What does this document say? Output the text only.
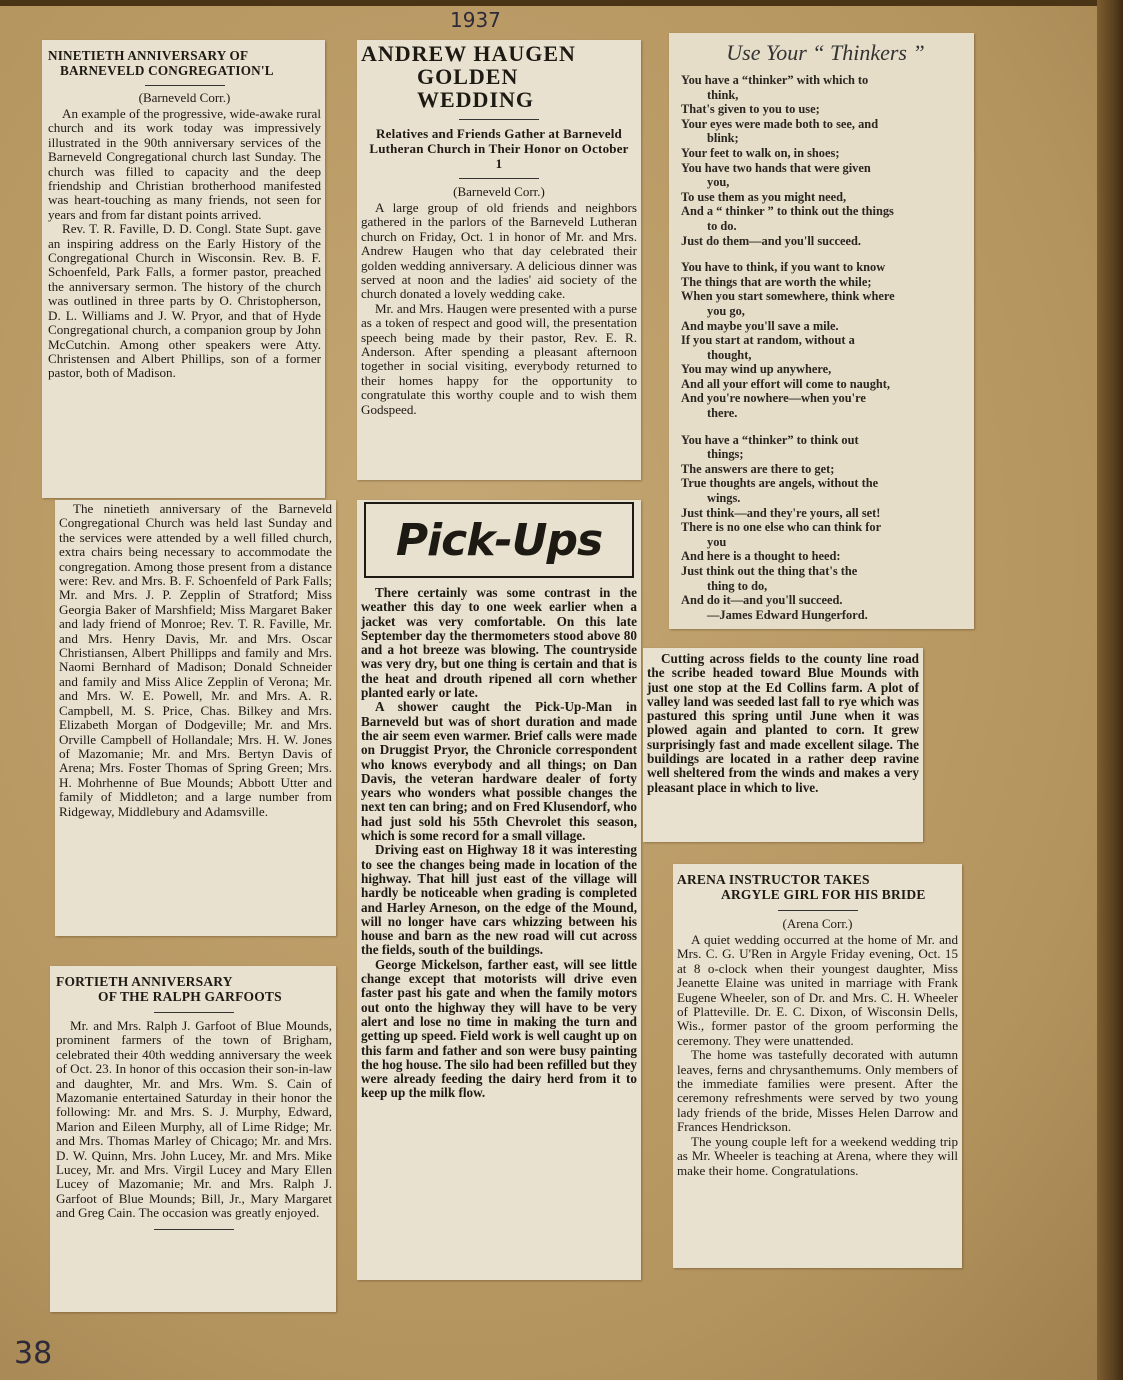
1937
38
NINETIETH ANNIVERSARY OF
BARNEVELD CONGREGATION'L
(Barneveld Corr.)

An example of the progressive, wide-awake rural church and its work today was impressively illustrated in the 90th anniversary services of the Barneveld Congregational church last Sunday. The church was filled to capacity and the deep friendship and Christian brotherhood manifested was heart-touching as many friends, not seen for years and from far distant points arrived.

Rev. T. R. Faville, D. D. Congl. State Supt. gave an inspiring address on the Early History of the Congregational Church in Wisconsin. Rev. B. F. Schoenfeld, Park Falls, a former pastor, preached the anniversary sermon. The history of the church was outlined in three parts by O. Christopherson, D. L. Williams and J. W. Pryor, and that of Hyde Congregational church, a companion group by John McCutchin. Among other speakers were Atty. Christensen and Albert Phillips, son of a former pastor, both of Madison.

The ninetieth anniversary of the Barneveld Congregational Church was held last Sunday and the services were attended by a well filled church, extra chairs being necessary to accommodate the congregation. Among those present from a distance were: Rev. and Mrs. B. F. Schoenfeld of Park Falls; Mr. and Mrs. J. P. Zepplin of Stratford; Miss Georgia Baker of Marshfield; Miss Margaret Baker and lady friend of Monroe; Rev. T. R. Faville, Mr. and Mrs. Henry Davis, Mr. and Mrs. Oscar Christiansen, Albert Phillipps and family and Mrs. Naomi Bernhard of Madison; Donald Schneider and family and Miss Alice Zepplin of Verona; Mr. and Mrs. W. E. Powell, Mr. and Mrs. A. R. Campbell, M. S. Price, Chas. Bilkey and Mrs. Elizabeth Morgan of Dodgeville; Mr. and Mrs. Orville Campbell of Hollandale; Mrs. H. W. Jones of Mazomanie; Mr. and Mrs. Bertyn Davis of Arena; Mrs. Foster Thomas of Spring Green; Mrs. H. Mohrhenne of Bue Mounds; Abbott Utter and family of Middleton; and a large number from Ridgeway, Middlebury and Adamsville.

FORTIETH ANNIVERSARY
OF THE RALPH GARFOOTS

Mr. and Mrs. Ralph J. Garfoot of Blue Mounds, prominent farmers of the town of Brigham, celebrated their 40th wedding anniversary the week of Oct. 23. In honor of this occasion their son-in-law and daughter, Mr. and Mrs. Wm. S. Cain of Mazomanie entertained Saturday in their honor the following: Mr. and Mrs. S. J. Murphy, Edward, Marion and Eileen Murphy, all of Lime Ridge; Mr. and Mrs. Thomas Marley of Chicago; Mr. and Mrs. D. W. Quinn, Mrs. John Lucey, Mr. and Mrs. Mike Lucey, Mr. and Mrs. Virgil Lucey and Mary Ellen Lucey of Mazomanie; Mr. and Mrs. Ralph J. Garfoot of Blue Mounds; Bill, Jr., Mary Margaret and Greg Cain. The occasion was greatly enjoyed.

ANDREW HAUGEN
GOLDEN WEDDING
Relatives and Friends Gather at Barneveld Lutheran Church in Their Honor on October 1
(Barneveld Corr.)

A large group of old friends and neighbors gathered in the parlors of the Barneveld Lutheran church on Friday, Oct. 1 in honor of Mr. and Mrs. Andrew Haugen who that day celebrated their golden wedding anniversary. A delicious dinner was served at noon and the ladies' aid society of the church donated a lovely wedding cake.

Mr. and Mrs. Haugen were presented with a purse as a token of respect and good will, the presentation speech being made by their pastor, Rev. E. R. Anderson. After spending a pleasant afternoon together in social visiting, everybody returned to their homes happy for the opportunity to congratulate this worthy couple and to wish them Godspeed.

Pick-Ups

There certainly was some contrast in the weather this day to one week earlier when a jacket was very comfortable. On this late September day the thermometers stood above 80 and a hot breeze was blowing. The countryside was very dry, but one thing is certain and that is the heat and drouth ripened all corn whether planted early or late.

A shower caught the Pick-Up-Man in Barneveld but was of short duration and made the air seem even warmer. Brief calls were made on Druggist Pryor, the Chronicle correspondent who knows everybody and all things; on Dan Davis, the veteran hardware dealer of forty years who wonders what possible changes the next ten can bring; and on Fred Klusendorf, who had just sold his 55th Chevrolet this season, which is some record for a small village.

Driving east on Highway 18 it was interesting to see the changes being made in location of the highway. That hill just east of the village will hardly be noticeable when grading is completed and Harley Arneson, on the edge of the Mound, will no longer have cars whizzing between his house and barn as the new road will cut across the fields, south of the buildings.

George Mickelson, farther east, will see little change except that motorists will drive even faster past his gate and when the family motors out onto the highway they will have to be very alert and lose no time in making the turn and getting up speed. Field work is well caught up on this farm and father and son were busy painting the hog house. The silo had been refilled but they were already feeding the dairy herd from it to keep up the milk flow.

Use Your “ Thinkers ”
You have a “thinker” with which to
think,
That's given to you to use;
Your eyes were made both to see, and
blink;
Your feet to walk on, in shoes;
You have two hands that were given
you,
To use them as you might need,
And a “ thinker ” to think out the things
to do.
Just do them—and you'll succeed.
You have to think, if you want to know
The things that are worth the while;
When you start somewhere, think where
you go,
And maybe you'll save a mile.
If you start at random, without a
thought,
You may wind up anywhere,
And all your effort will come to naught,
And you're nowhere—when you're
there.
You have a “thinker” to think out
things;
The answers are there to get;
True thoughts are angels, without the
wings.
Just think—and they're yours, all set!
There is no one else who can think for
you
And here is a thought to heed:
Just think out the thing that's the
thing to do,
And do it—and you'll succeed.
—James Edward Hungerford.

Cutting across fields to the county line road the scribe headed toward Blue Mounds with just one stop at the Ed Collins farm. A plot of valley land was seeded last fall to rye which was pastured this spring until June when it was plowed again and planted to corn. It grew surprisingly fast and made excellent silage. The buildings are located in a rather deep ravine well sheltered from the winds and makes a very pleasant place in which to live.

ARENA INSTRUCTOR TAKES
ARGYLE GIRL FOR HIS BRIDE
(Arena Corr.)

A quiet wedding occurred at the home of Mr. and Mrs. C. G. U'Ren in Argyle Friday evening, Oct. 15 at 8 o-clock when their youngest daughter, Miss Jeanette Elaine was united in marriage with Frank Eugene Wheeler, son of Dr. and Mrs. C. H. Wheeler of Platteville. Dr. E. C. Dixon, of Wisconsin Dells, Wis., former pastor of the groom performing the ceremony. They were unattended.

The home was tastefully decorated with autumn leaves, ferns and chrysanthemums. Only members of the immediate families were present. After the ceremony refreshments were served by two young lady friends of the bride, Misses Helen Darrow and Frances Hendrickson.

The young couple left for a weekend wedding trip as Mr. Wheeler is teaching at Arena, where they will make their home. Congratulations.
